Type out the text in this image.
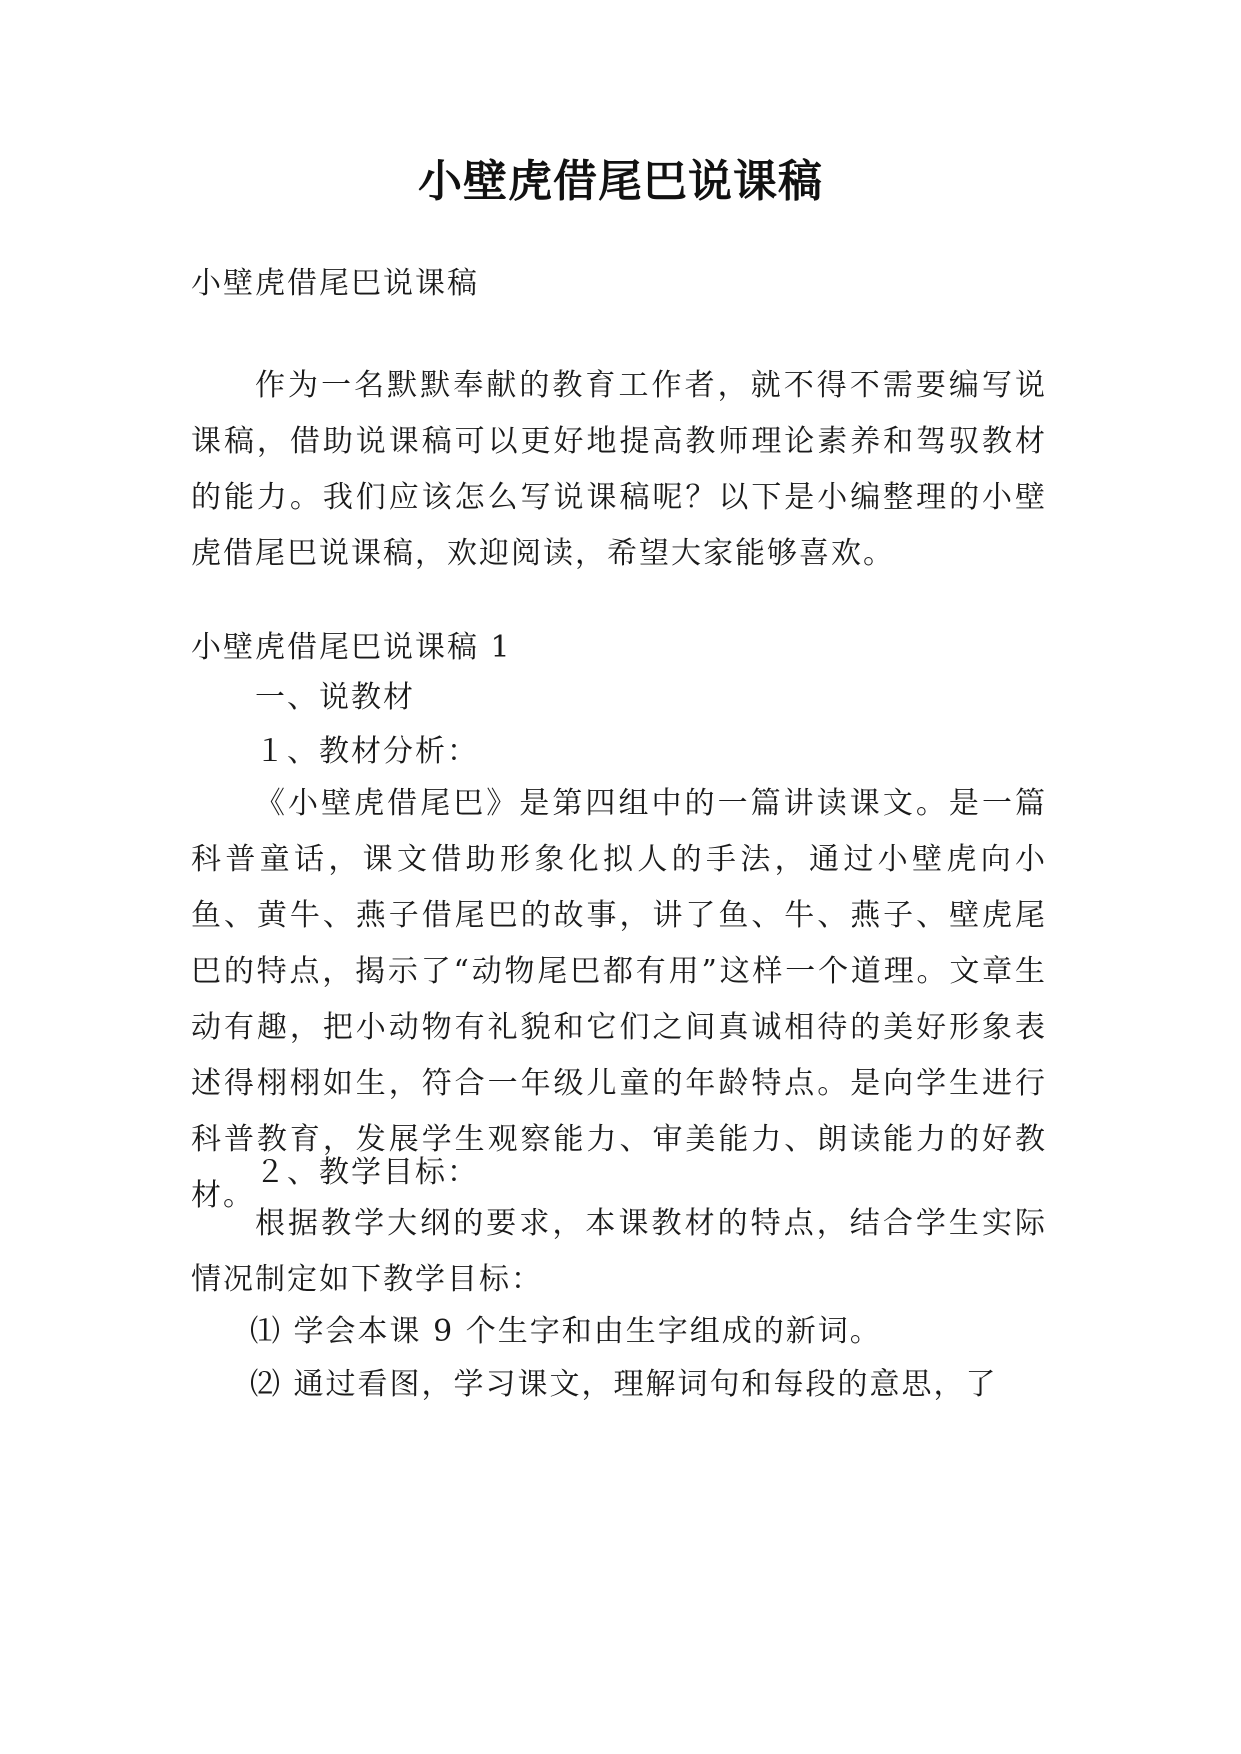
小壁虎借尾巴说课稿
小壁虎借尾巴说课稿
作为一名默默奉献的教育工作者，就不得不需要编写说课稿，借助说课稿可以更好地提高教师理论素养和驾驭教材的能力。我们应该怎么写说课稿呢？以下是小编整理的小壁虎借尾巴说课稿，欢迎阅读，希望大家能够喜欢。
小壁虎借尾巴说课稿 1
一、说教材
１、教材分析：
《小壁虎借尾巴》是第四组中的一篇讲读课文。是一篇科普童话，课文借助形象化拟人的手法，通过小壁虎向小鱼、黄牛、燕子借尾巴的故事，讲了鱼、牛、燕子、壁虎尾巴的特点，揭示了“动物尾巴都有用”这样一个道理。文章生动有趣，把小动物有礼貌和它们之间真诚相待的美好形象表述得栩栩如生，符合一年级儿童的年龄特点。是向学生进行科普教育，发展学生观察能力、审美能力、朗读能力的好教材。
２、教学目标：
根据教学大纲的要求，本课教材的特点，结合学生实际情况制定如下教学目标：
⑴ 学会本课 9 个生字和由生字组成的新词。
⑵ 通过看图，学习课文，理解词句和每段的意思，了
